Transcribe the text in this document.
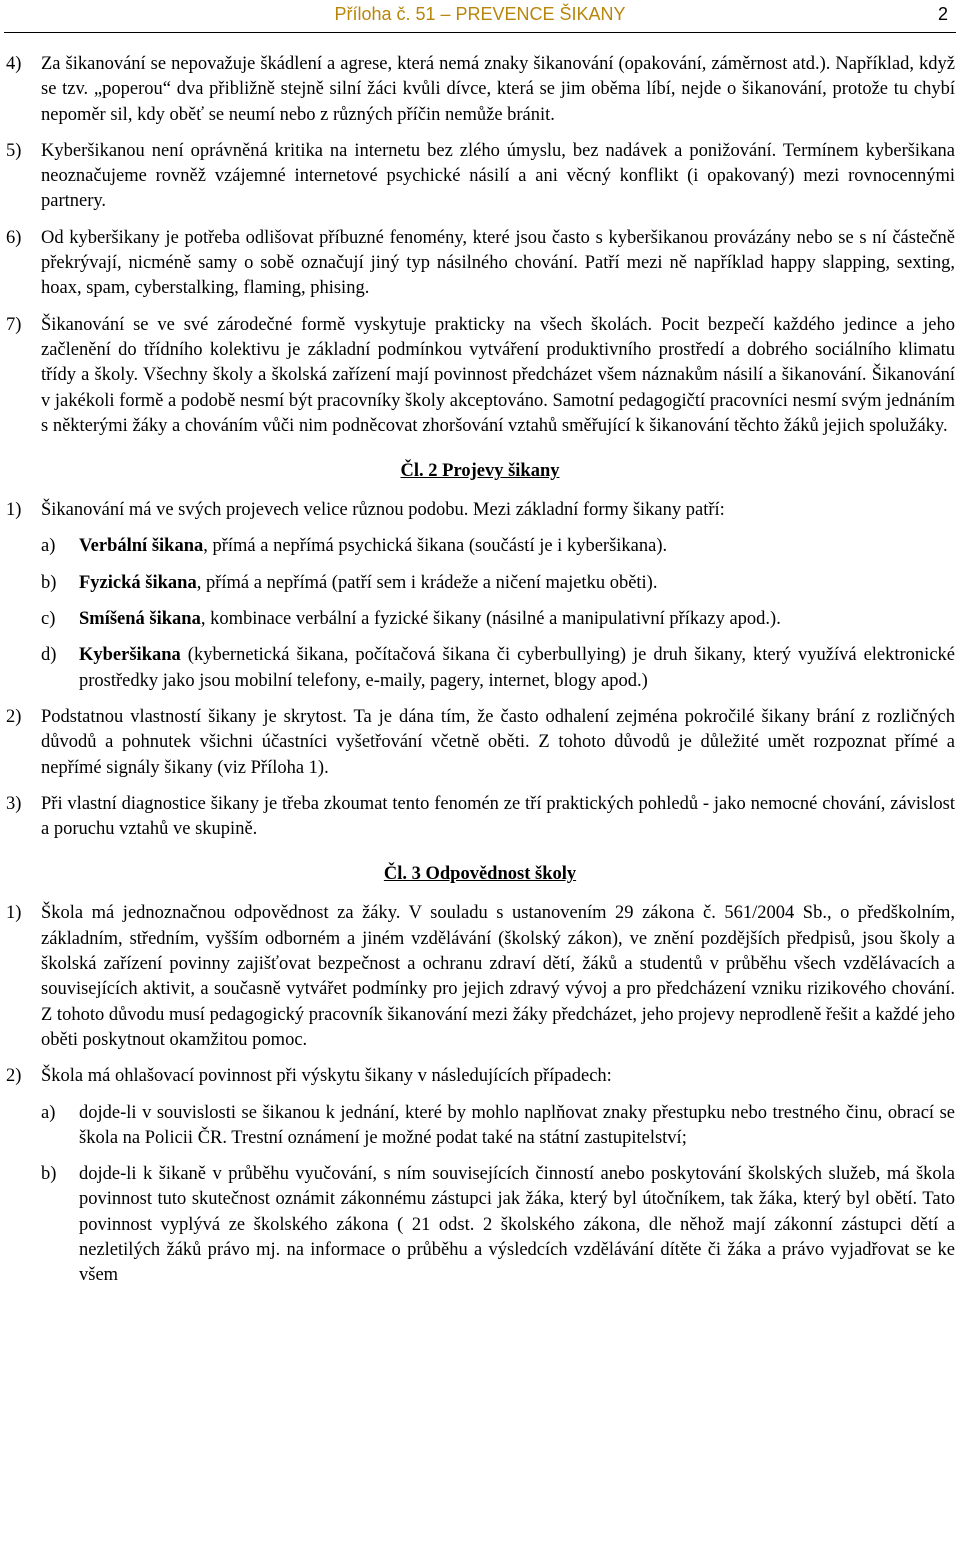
Příloha č. 51 – PREVENCE ŠIKANY	2
4) Za šikanování se nepovažuje škádlení a agrese, která nemá znaky šikanování (opakování, záměrnost atd.). Například, když se tzv. „poperou“ dva přibližně stejně silní žáci kvůli dívce, která se jim oběma líbí, nejde o šikanování, protože tu chybí nepoměr sil, kdy oběť se neumí nebo z různých příčin nemůže bránit.
5) Kyberšikanou není oprávněná kritika na internetu bez zlého úmyslu, bez nadávek a ponižování. Termínem kyberšikana neoznačujeme rovněž vzájemné internetové psychické násilí a ani věcný konflikt (i opakovaný) mezi rovnocennými partnery.
6) Od kyberšikany je potřeba odlišovat příbuzné fenomény, které jsou často s kyberšikanou provázány nebo se s ní částečně překrývají, nicméně samy o sobě označují jiný typ násilného chování. Patří mezi ně například happy slapping, sexting, hoax, spam, cyberstalking, flaming, phising.
7) Šikanování se ve své zárodečné formě vyskytuje prakticky na všech školách. Pocit bezpečí každého jedince a jeho začlenění do třídního kolektivu je základní podmínkou vytváření produktivního prostředí a dobrého sociálního klimatu třídy a školy. Všechny školy a školská zařízení mají povinnost předcházet všem náznakům násilí a šikanování. Šikanování v jakékoli formě a podobě nesmí být pracovníky školy akceptováno. Samotní pedagogičtí pracovníci nesmí svým jednáním s některými žáky a chováním vůči nim podněcovat zhoršování vztahů směřující k šikanování těchto žáků jejich spolužáky.
Čl. 2 Projevy šikany
1) Šikanování má ve svých projevech velice různou podobu. Mezi základní formy šikany patří:
a) Verbální šikana, přímá a nepřímá psychická šikana (součástí je i kyberšikana).
b) Fyzická šikana, přímá a nepřímá (patří sem i krádeže a ničení majetku oběti).
c) Smíšená šikana, kombinace verbální a fyzické šikany (násilné a manipulativní příkazy apod.).
d) Kyberšikana (kybernetická šikana, počítačová šikana či cyberbullying) je druh šikany, který využívá elektronické prostředky jako jsou mobilní telefony, e-maily, pagery, internet, blogy apod.)
2) Podstatnou vlastností šikany je skrytost. Ta je dána tím, že často odhalení zejména pokročilé šikany brání z rozličných důvodů a pohnutek všichni účastníci vyšetřování včetně oběti. Z tohoto důvodů je důležité umět rozpoznat přímé a nepřímé signály šikany (viz Příloha 1).
3) Při vlastní diagnostice šikany je třeba zkoumat tento fenomén ze tří praktických pohledů - jako nemocné chování, závislost a poruchu vztahů ve skupině.
Čl. 3 Odpovědnost školy
1) Škola má jednoznačnou odpovědnost za žáky. V souladu s ustanovením 29 zákona č. 561/2004 Sb., o předškolním, základním, středním, vyšším odborném a jiném vzdělávání (školský zákon), ve znění pozdějších předpisů, jsou školy a školská zařízení povinny zajišťovat bezpečnost a ochranu zdraví dětí, žáků a studentů v průběhu všech vzdělávacích a souvisejících aktivit, a současně vytvářet podmínky pro jejich zdravý vývoj a pro předcházení vzniku rizikového chování. Z tohoto důvodu musí pedagogický pracovník šikanování mezi žáky předcházet, jeho projevy neprodleně řešit a každé jeho oběti poskytnout okamžitou pomoc.
2) Škola má ohlašovací povinnost při výskytu šikany v následujících případech:
a) dojde-li v souvislosti se šikanou k jednání, které by mohlo naplňovat znaky přestupku nebo trestného činu, obrací se škola na Policii ČR. Trestní oznámení je možné podat také na státní zastupitelství;
b) dojde-li k šikaně v průběhu vyučování, s ním souvisejících činností anebo poskytování školských služeb, má škola povinnost tuto skutečnost oznámit zákonnému zástupci jak žáka, který byl útočníkem, tak žáka, který byl obětí. Tato povinnost vyplývá ze školského zákona ( 21 odst. 2 školského zákona, dle něhož mají zákonní zástupci dětí a nezletilých žáků právo mj. na informace o průběhu a výsledcích vzdělávání dítěte či žáka a právo vyjadřovat se ke všem
